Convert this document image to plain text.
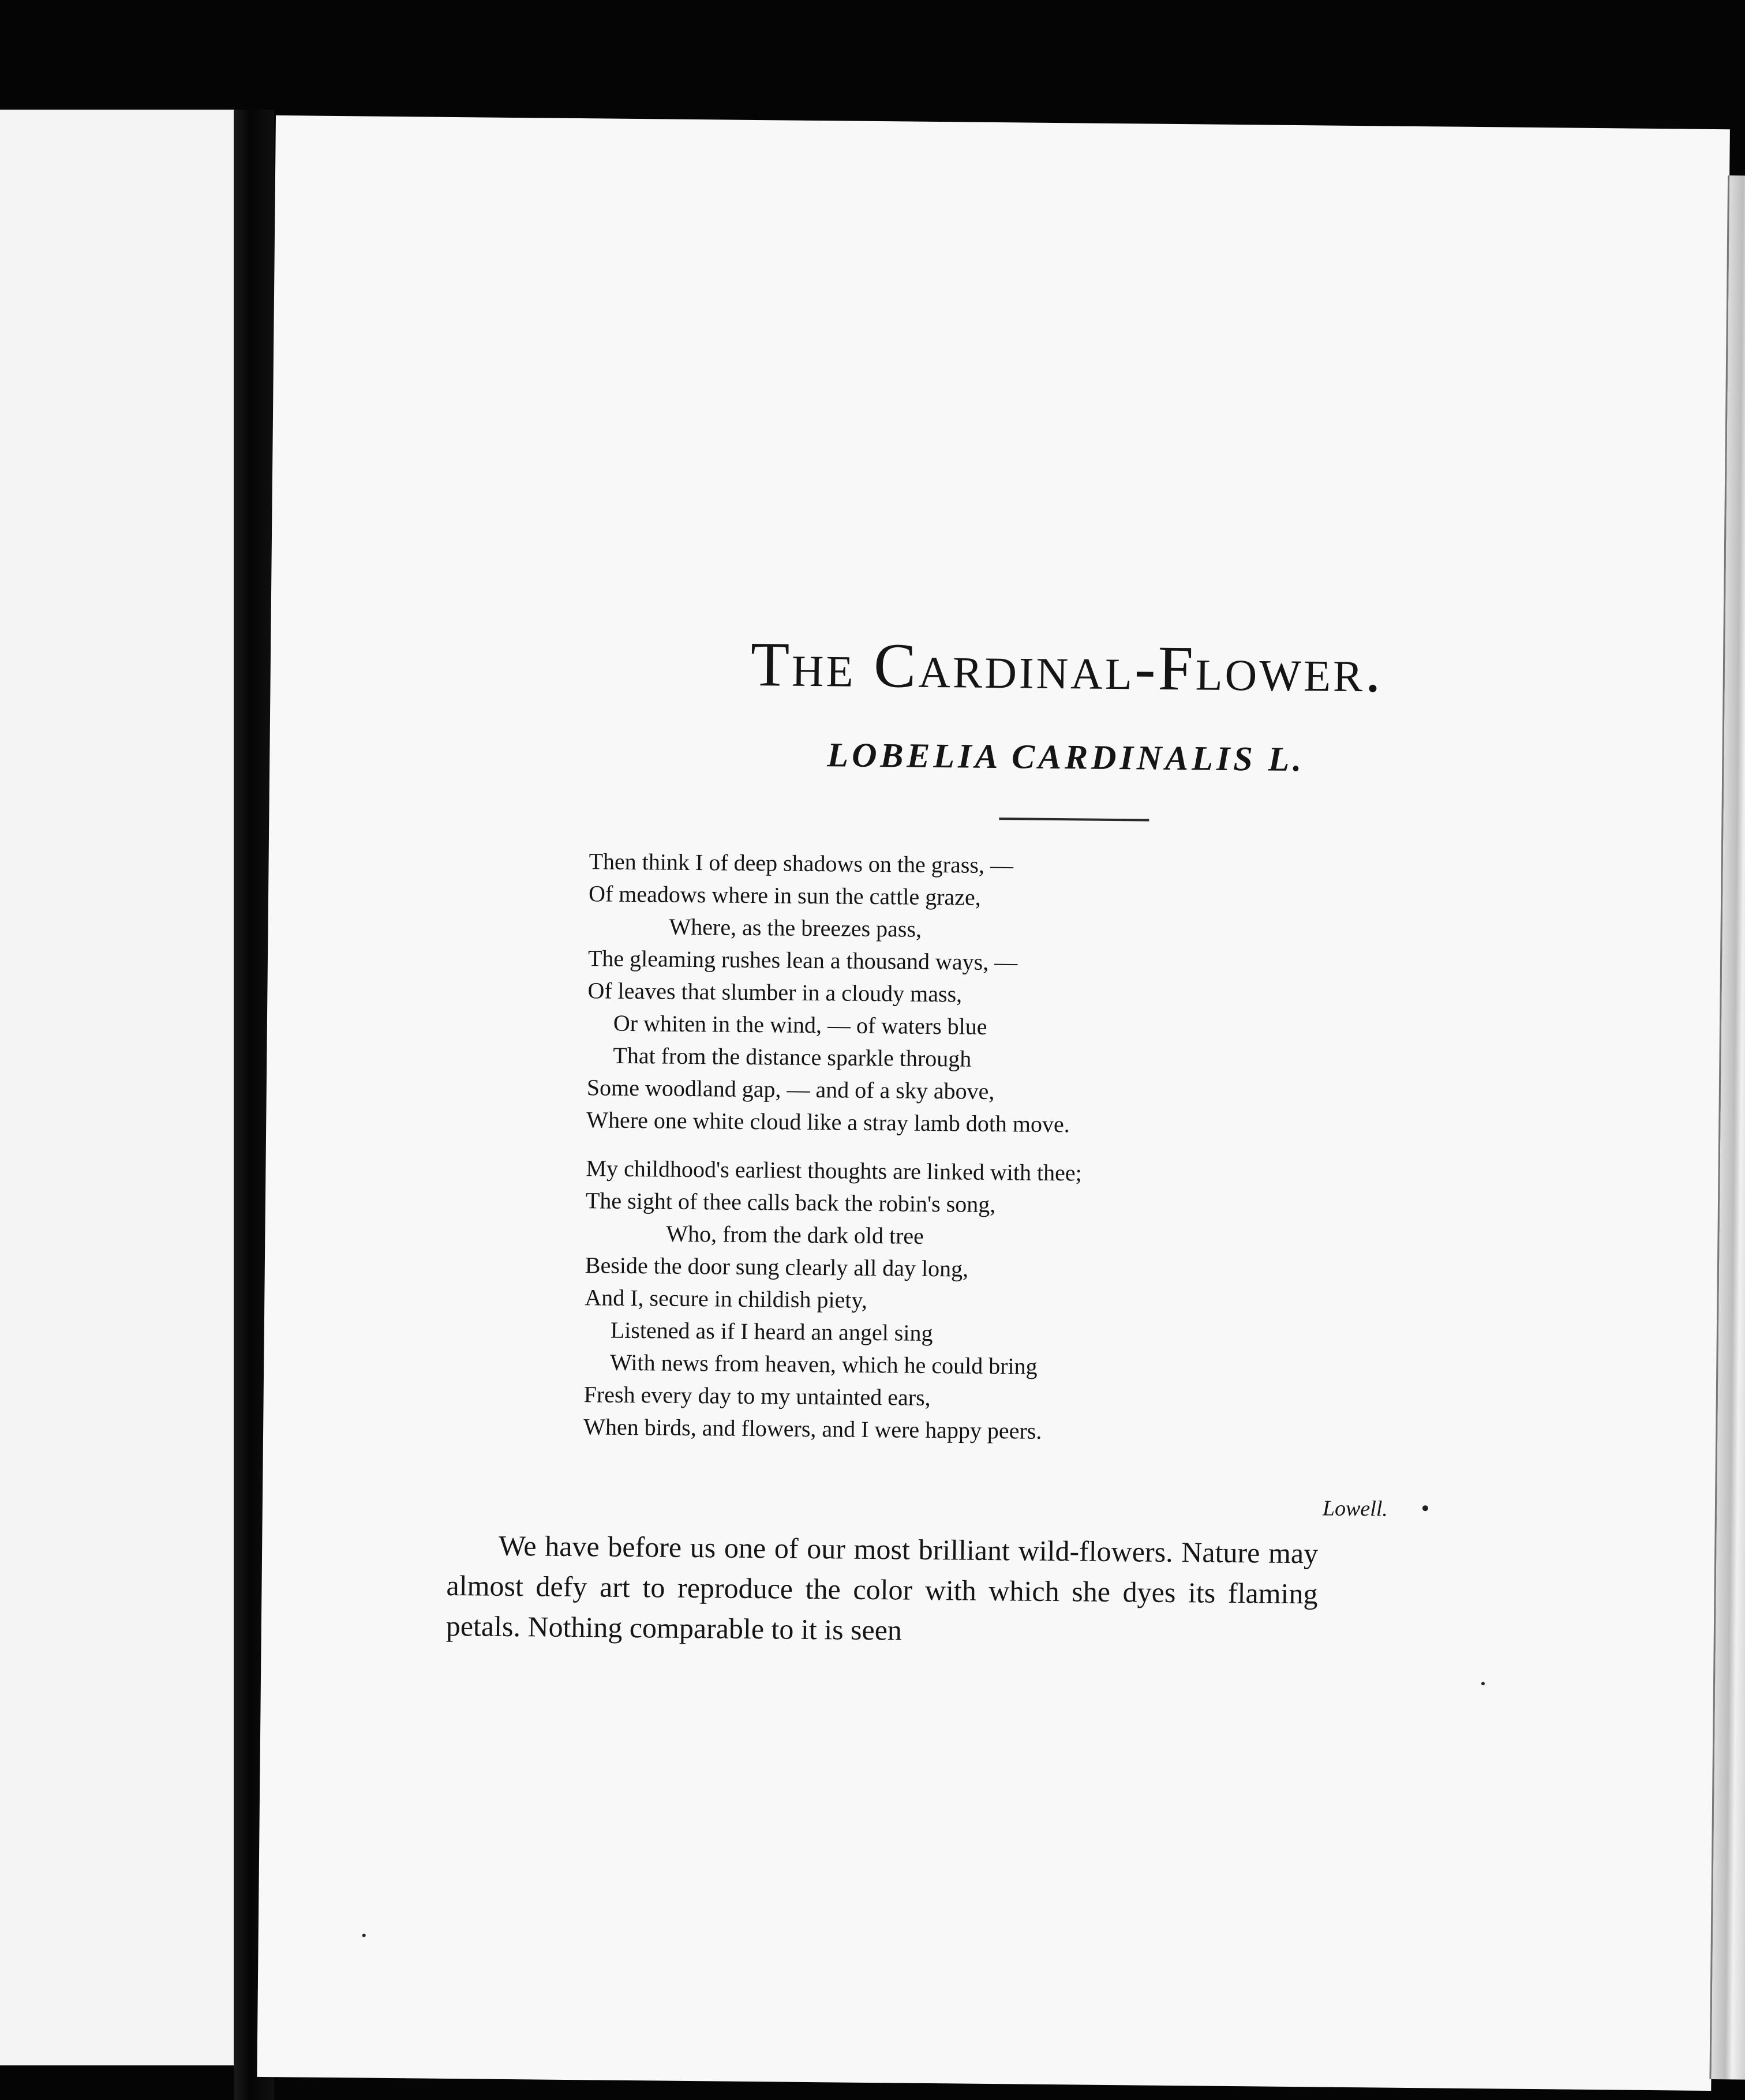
The Cardinal-Flower.
LOBELIA CARDINALIS L.
Then think I of deep shadows on the grass, —
Of meadows where in sun the cattle graze,
Where, as the breezes pass,
The gleaming rushes lean a thousand ways, —
Of leaves that slumber in a cloudy mass,
Or whiten in the wind, — of waters blue
That from the distance sparkle through
Some woodland gap, — and of a sky above,
Where one white cloud like a stray lamb doth move.
My childhood's earliest thoughts are linked with thee;
The sight of thee calls back the robin's song,
Who, from the dark old tree
Beside the door sung clearly all day long,
And I, secure in childish piety,
Listened as if I heard an angel sing
With news from heaven, which he could bring
Fresh every day to my untainted ears,
When birds, and flowers, and I were happy peers.

Lowell.

We have before us one of our most brilliant wild-flowers. Nature may almost defy art to reproduce the color with which she dyes its flaming petals. Nothing comparable to it is seen
